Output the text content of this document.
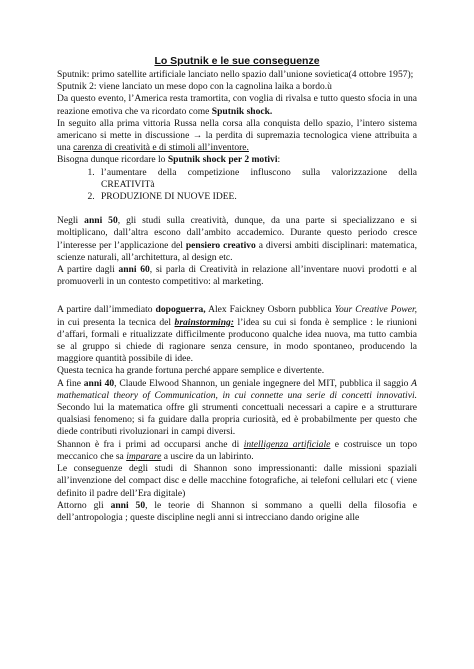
Lo Sputnik e le sue conseguenze

Sputnik: primo satellite artificiale lanciato nello spazio dall’unione sovietica(4 ottobre 1957);

Sputnik 2: viene lanciato un mese dopo con la cagnolina laika a bordo.ù

Da questo evento, l’America resta tramortita, con voglia di rivalsa e tutto questo sfocia in una reazione emotiva che va ricordato come Sputnik shock.

In seguito alla prima vittoria Russa nella corsa alla conquista dello spazio, l’intero sistema americano si mette in discussione → la perdita di supremazia tecnologica viene attribuita a una carenza di creatività e di stimoli all’inventore.

Bisogna dunque ricordare lo Sputnik shock per 2 motivi:

1. l’aumentare della competizione influscono sulla valorizzazione della CREATIVITà
2. PRODUZIONE DI NUOVE IDEE.

Negli anni 50, gli studi sulla creatività, dunque, da una parte si specializzano e si moltiplicano, dall’altra escono dall’ambito accademico. Durante questo periodo cresce l’interesse per l’applicazione del pensiero creativo a diversi ambiti disciplinari: matematica, scienze naturali, all’architettura, al design etc.

A partire dagli anni 60, si parla di Creatività in relazione all’inventare nuovi prodotti e al promuoverli in un contesto competitivo: al marketing.

A partire dall’immediato dopoguerra, Alex Faickney Osborn pubblica Your Creative Power, in cui presenta la tecnica del brainstorming: l’idea su cui si fonda è semplice : le riunioni d’affari, formali e ritualizzate difficilmente producono qualche idea nuova, ma tutto cambia se al gruppo si chiede di ragionare senza censure, in modo spontaneo, producendo la maggiore quantità possibile di idee.

Questa tecnica ha grande fortuna perché appare semplice e divertente.

A fine anni 40, Claude Elwood Shannon, un geniale ingegnere del MIT, pubblica il saggio A mathematical theory of Communication, in cui connette una serie di concetti innovativi. Secondo lui la matematica offre gli strumenti concettuali necessari a capire e a strutturare qualsiasi fenomeno; si fa guidare dalla propria curiosità, ed è probabilmente per questo che diede contributi rivoluzionari in campi diversi.

Shannon è fra i primi ad occuparsi anche di intelligenza artificiale e costruisce un topo meccanico che sa imparare a uscire da un labirinto.

Le conseguenze degli studi di Shannon sono impressionanti: dalle missioni spaziali all’invenzione del compact disc e delle macchine fotografiche, ai telefoni cellulari etc ( viene definito il padre dell’Era digitale)

Attorno gli anni 50, le teorie di Shannon si sommano a quelli della filosofia e dell’antropologia ; queste discipline negli anni si intrecciano dando origine alle
